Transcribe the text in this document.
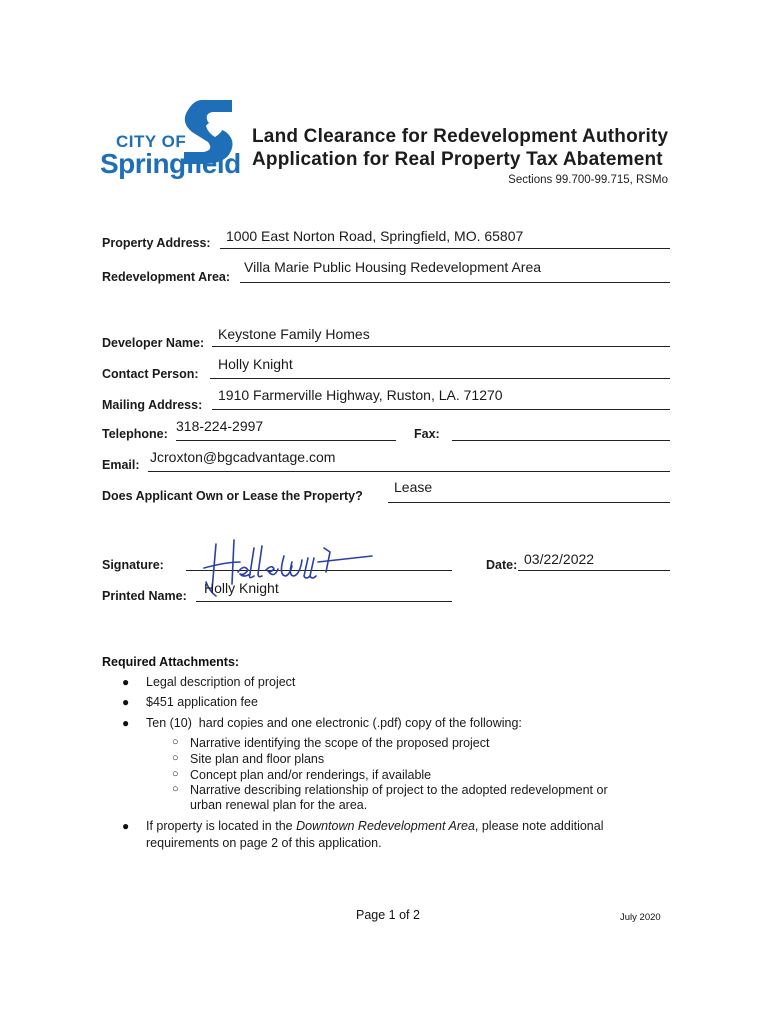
CITY OF
Springfield
Land Clearance for Redevelopment Authority
Application for Real Property Tax Abatement
Sections 99.700-99.715, RSMo
Property Address: 1000 East Norton Road, Springfield, MO. 65807
Redevelopment Area:
Villa Marie Public Housing Redevelopment Area
Developer Name:
Keystone Family Homes
Contact Person:
Holly Knight
Mailing Address:
1910 Farmerville Highway, Ruston, LA. 71270
Telephone: 318-224-2997	Fax:
Email: Jcroxton@bgcadvantage.com
Does Applicant Own or Lease the Property?
Lease
Signature:	Date: 03/22/2022
Printed Name: Holly Knight
Required Attachments:
● Legal description of project
● $451 application fee
● Ten (10)  hard copies and one electronic (.pdf) copy of the following:
○ Narrative identifying the scope of the proposed project
○ Site plan and floor plans
○ Concept plan and/or renderings, if available
○ Narrative describing relationship of project to the adopted redevelopment or
urban renewal plan for the area.
● If property is located in the Downtown Redevelopment Area, please note additional
requirements on page 2 of this application.
Page 1 of 2	July 2020
